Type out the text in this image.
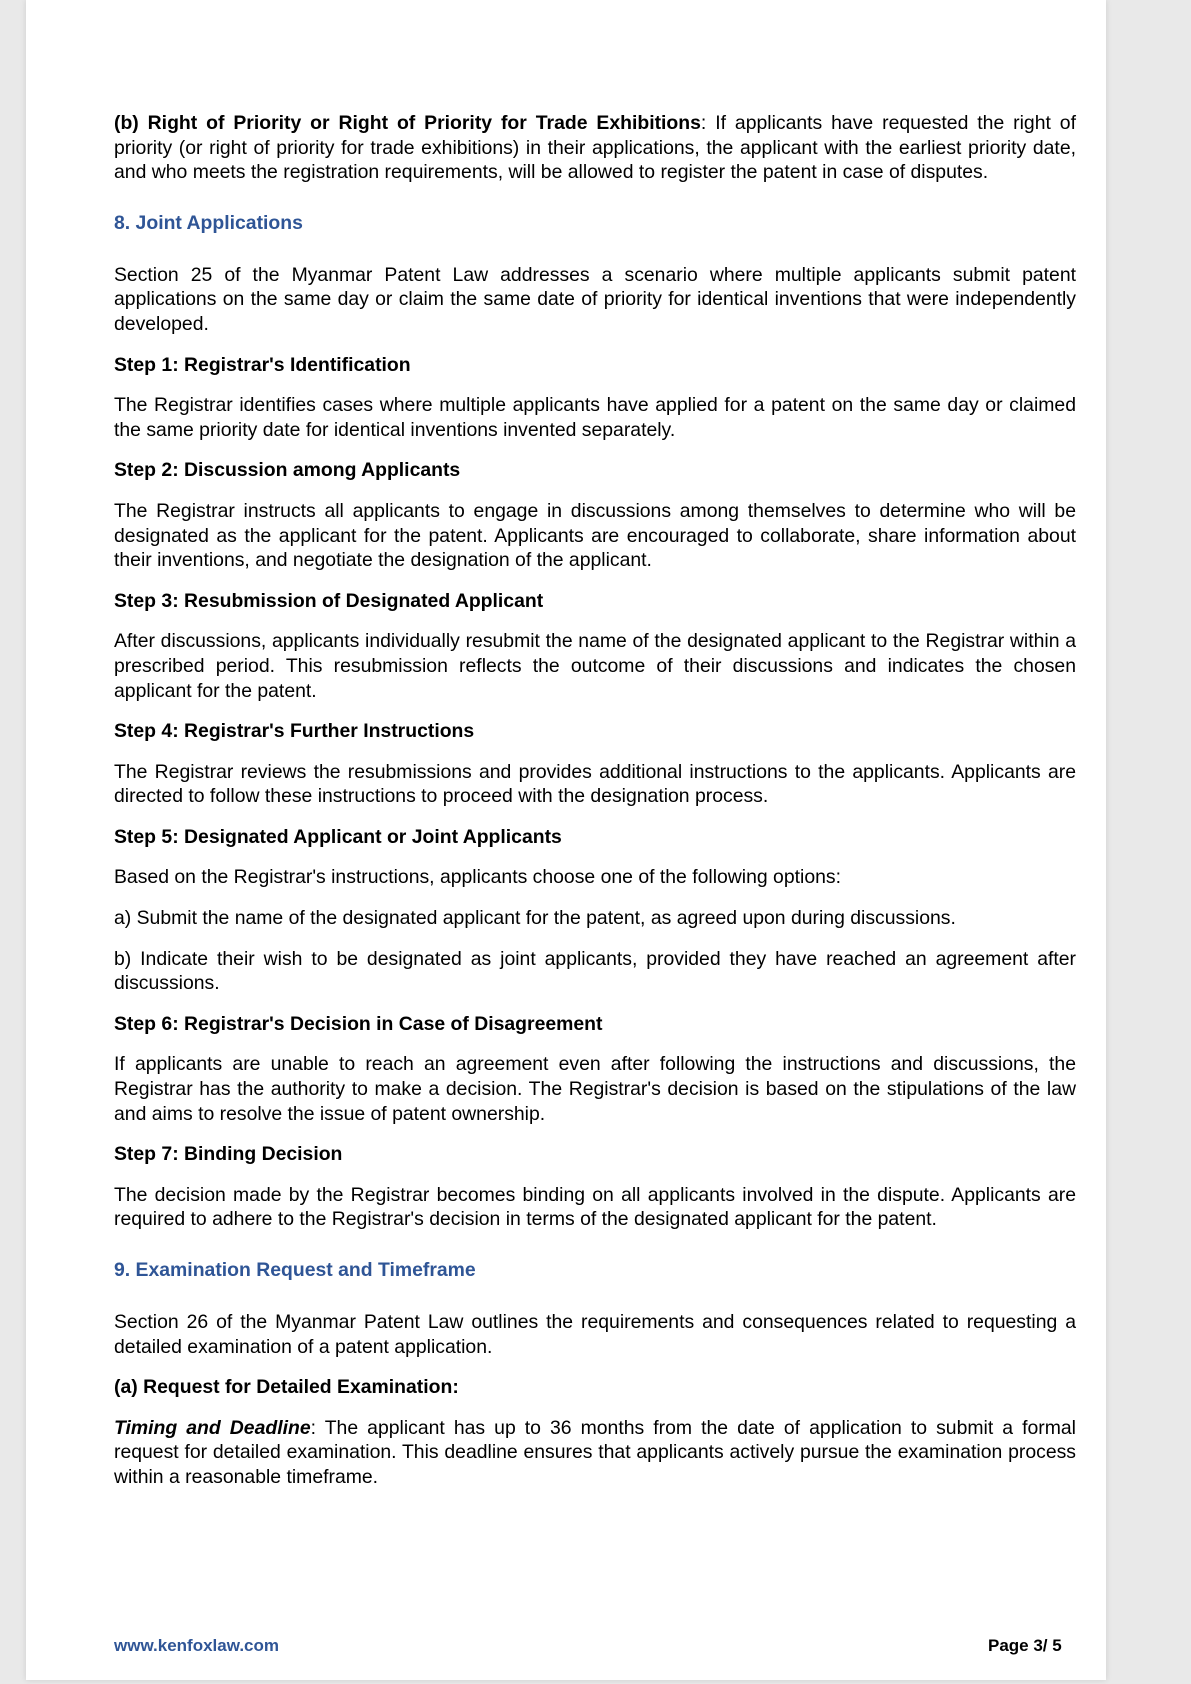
(b) Right of Priority or Right of Priority for Trade Exhibitions: If applicants have requested the right of priority (or right of priority for trade exhibitions) in their applications, the applicant with the earliest priority date, and who meets the registration requirements, will be allowed to register the patent in case of disputes.

8. Joint Applications

Section 25 of the Myanmar Patent Law addresses a scenario where multiple applicants submit patent applications on the same day or claim the same date of priority for identical inventions that were independently developed.

Step 1: Registrar's Identification

The Registrar identifies cases where multiple applicants have applied for a patent on the same day or claimed the same priority date for identical inventions invented separately.

Step 2: Discussion among Applicants

The Registrar instructs all applicants to engage in discussions among themselves to determine who will be designated as the applicant for the patent. Applicants are encouraged to collaborate, share information about their inventions, and negotiate the designation of the applicant.

Step 3: Resubmission of Designated Applicant

After discussions, applicants individually resubmit the name of the designated applicant to the Registrar within a prescribed period. This resubmission reflects the outcome of their discussions and indicates the chosen applicant for the patent.

Step 4: Registrar's Further Instructions

The Registrar reviews the resubmissions and provides additional instructions to the applicants. Applicants are directed to follow these instructions to proceed with the designation process.

Step 5: Designated Applicant or Joint Applicants

Based on the Registrar's instructions, applicants choose one of the following options:

a) Submit the name of the designated applicant for the patent, as agreed upon during discussions.

b) Indicate their wish to be designated as joint applicants, provided they have reached an agreement after discussions.

Step 6: Registrar's Decision in Case of Disagreement

If applicants are unable to reach an agreement even after following the instructions and discussions, the Registrar has the authority to make a decision. The Registrar's decision is based on the stipulations of the law and aims to resolve the issue of patent ownership.

Step 7: Binding Decision

The decision made by the Registrar becomes binding on all applicants involved in the dispute. Applicants are required to adhere to the Registrar's decision in terms of the designated applicant for the patent.

9. Examination Request and Timeframe

Section 26 of the Myanmar Patent Law outlines the requirements and consequences related to requesting a detailed examination of a patent application.

(a) Request for Detailed Examination:

Timing and Deadline: The applicant has up to 36 months from the date of application to submit a formal request for detailed examination. This deadline ensures that applicants actively pursue the examination process within a reasonable timeframe.

www.kenfoxlaw.com	Page 3/ 5
